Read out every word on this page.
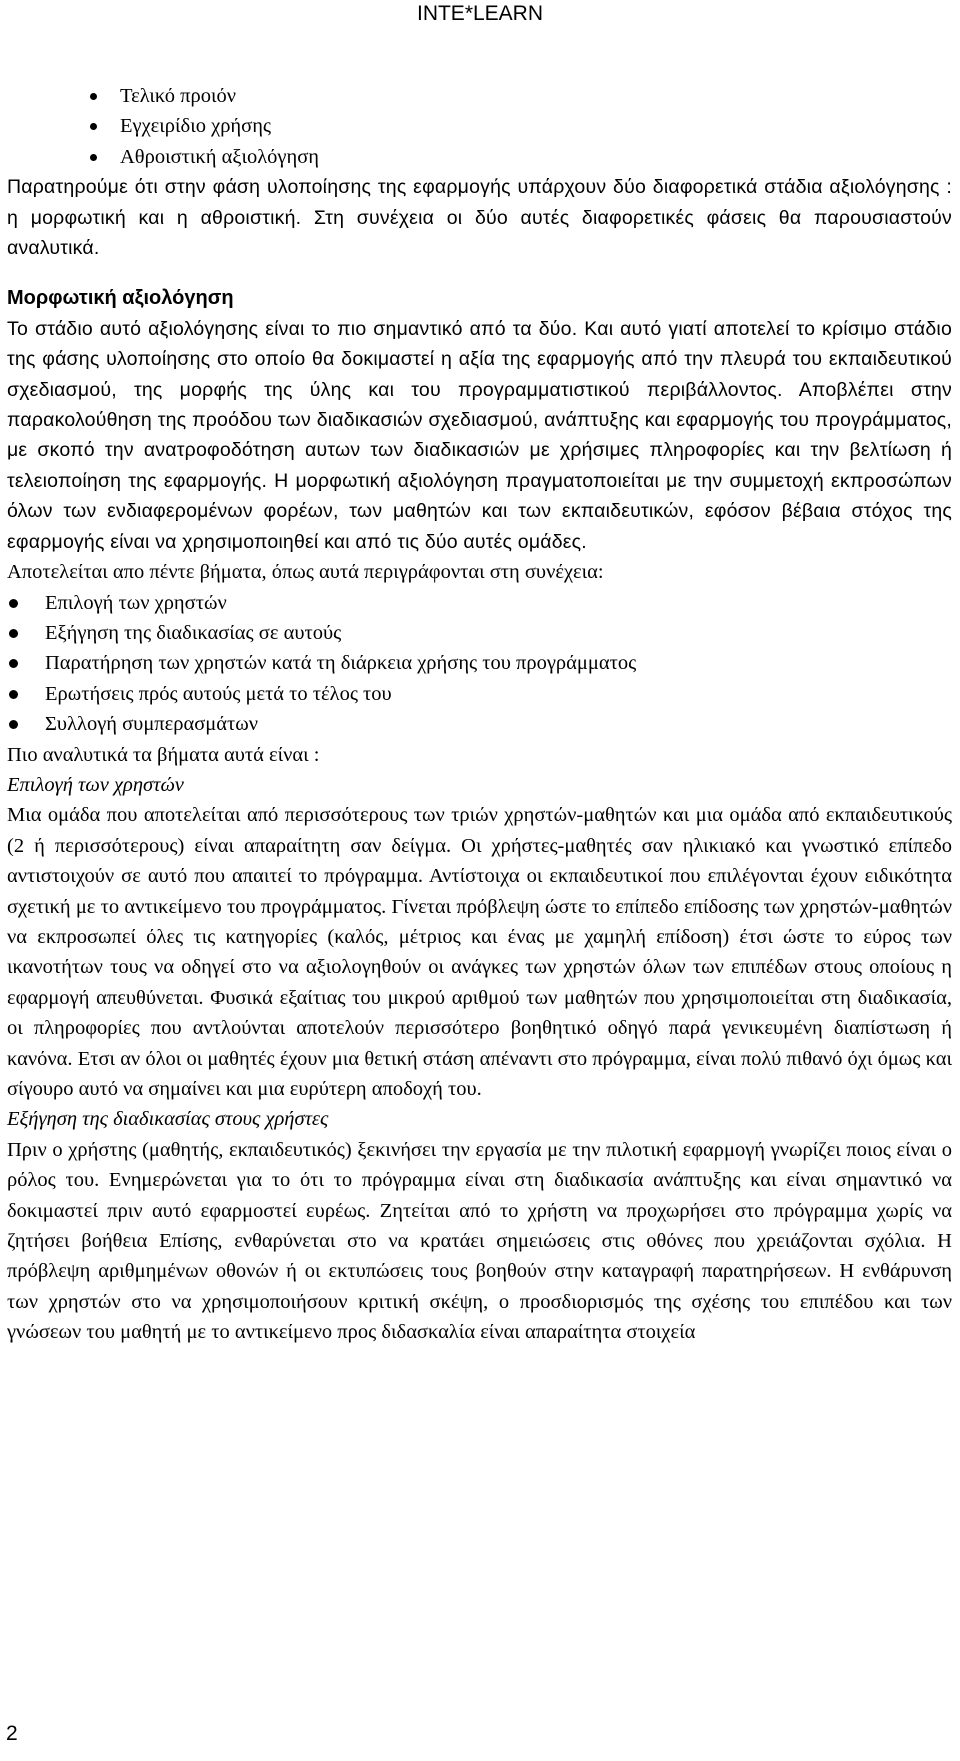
INTE*LEARN
Τελικό προιόν
Εγχειρίδιο χρήσης
Αθροιστική αξιολόγηση

Παρατηρούμε ότι στην φάση υλοποίησης της εφαρμογής υπάρχουν δύο διαφορετικά στάδια αξιολόγησης : η μορφωτική και η αθροιστική. Στη συνέχεια οι δύο αυτές διαφορετικές φάσεις θα παρουσιαστούν αναλυτικά.

Μορφωτική αξιολόγηση

Το στάδιο αυτό αξιολόγησης είναι το πιο σημαντικό από τα δύο. Και αυτό γιατί αποτελεί το κρίσιμο στάδιο της φάσης υλοποίησης στο οποίο θα δοκιμαστεί η αξία της εφαρμογής από την πλευρά του εκπαιδευτικού σχεδιασμού, της μορφής της ύλης και του προγραμματιστικού περιβάλλοντος. Αποβλέπει στην παρακολούθηση της προόδου των διαδικασιών σχεδιασμού, ανάπτυξης και εφαρμογής του προγράμματος, με σκοπό την ανατροφοδότηση αυτων των διαδικασιών με χρήσιμες πληροφορίες και την βελτίωση ή τελειοποίηση της εφαρμογής. Η μορφωτική αξιολόγηση πραγματοποιείται με την συμμετοχή εκπροσώπων όλων των ενδιαφερομένων φορέων, των μαθητών και των εκπαιδευτικών, εφόσον βέβαια στόχος της εφαρμογής είναι να χρησιμοποιηθεί και από τις δύο αυτές ομάδες.

Αποτελείται απο πέντε βήματα, όπως αυτά περιγράφονται στη συνέχεια:

Επιλογή των χρηστών
Εξήγηση της διαδικασίας σε αυτούς
Παρατήρηση των χρηστών κατά τη διάρκεια χρήσης του προγράμματος
Ερωτήσεις πρός αυτούς μετά το τέλος του
Συλλογή συμπερασμάτων

Πιο αναλυτικά τα βήματα αυτά είναι :

Επιλογή των χρηστών

Μια ομάδα που αποτελείται από περισσότερους των τριών χρηστών-μαθητών και μια ομάδα από εκπαιδευτικούς (2 ή περισσότερους) είναι απαραίτητη σαν δείγμα. Οι χρήστες-μαθητές σαν ηλικιακό και γνωστικό επίπεδο αντιστοιχούν σε αυτό που απαιτεί το πρόγραμμα. Αντίστοιχα οι εκπαιδευτικοί που επιλέγονται έχουν ειδικότητα σχετική με το αντικείμενο του προγράμματος. Γίνεται πρόβλεψη ώστε το επίπεδο επίδοσης των χρηστών-μαθητών να εκπροσωπεί όλες τις κατηγορίες (καλός, μέτριος και ένας με χαμηλή επίδοση) έτσι ώστε το εύρος των ικανοτήτων τους να οδηγεί στο να αξιολογηθούν οι ανάγκες των χρηστών όλων των επιπέδων στους οποίους η εφαρμογή απευθύνεται. Φυσικά εξαίτιας του μικρού αριθμού των μαθητών που χρησιμοποιείται στη διαδικασία, οι πληροφορίες που αντλούνται αποτελούν περισσότερο βοηθητικό οδηγό παρά γενικευμένη διαπίστωση ή κανόνα. Ετσι αν όλοι οι μαθητές έχουν μια θετική στάση απέναντι στο πρόγραμμα, είναι πολύ πιθανό όχι όμως και σίγουρο αυτό να σημαίνει και μια ευρύτερη αποδοχή του.

Εξήγηση της διαδικασίας στους χρήστες

Πριν ο χρήστης (μαθητής, εκπαιδευτικός) ξεκινήσει την εργασία με την πιλοτική εφαρμογή γνωρίζει ποιος είναι ο ρόλος του. Ενημερώνεται για το ότι το πρόγραμμα είναι στη διαδικασία ανάπτυξης και είναι σημαντικό να δοκιμαστεί πριν αυτό εφαρμοστεί ευρέως. Ζητείται από το χρήστη να προχωρήσει στο πρόγραμμα χωρίς να ζητήσει βοήθεια Επίσης, ενθαρύνεται στο να κρατάει σημειώσεις στις οθόνες που χρειάζονται σχόλια. Η πρόβλεψη αριθμημένων οθονών ή οι εκτυπώσεις τους βοηθούν στην καταγραφή παρατηρήσεων. Η ενθάρυνση των χρηστών στο να χρησιμοποιήσουν κριτική σκέψη, ο προσδιορισμός της σχέσης του επιπέδου και των γνώσεων του μαθητή με το αντικείμενο προς διδασκαλία είναι απαραίτητα στοιχεία

2
